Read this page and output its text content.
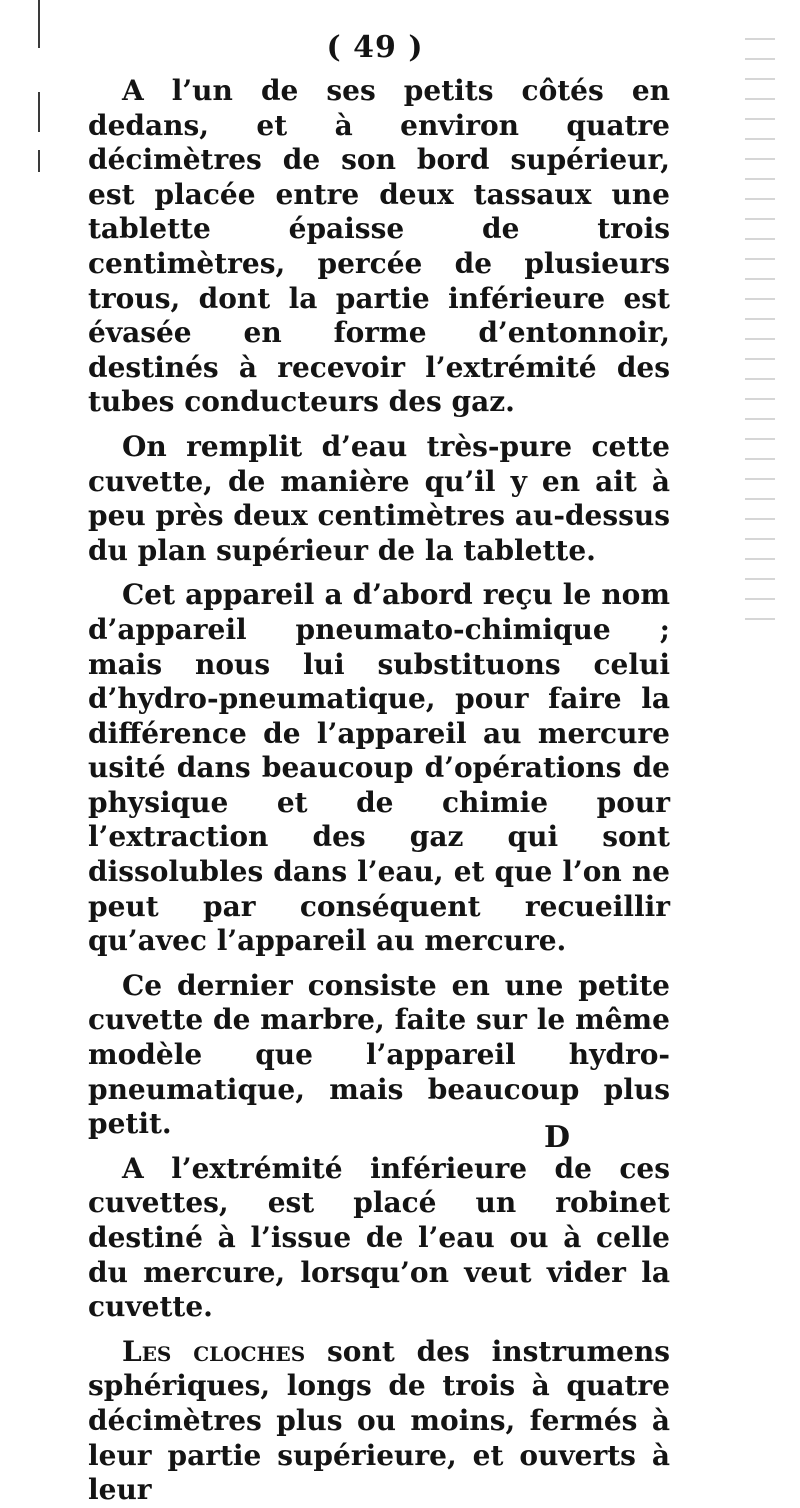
( 49 )

A l’un de ses petits côtés en dedans, et à environ quatre décimètres de son bord supérieur, est placée entre deux tassaux une tablette épaisse de trois centimètres, percée de plusieurs trous, dont la partie inférieure est évasée en forme d’entonnoir, destinés à recevoir l’extrémité des tubes conducteurs des gaz.

On remplit d’eau très-pure cette cuvette, de manière qu’il y en ait à peu près deux centimètres au-dessus du plan supérieur de la tablette.

Cet appareil a d’abord reçu le nom d’appareil pneumato-chimique ; mais nous lui substituons celui d’hydro-pneumatique, pour faire la différence de l’appareil au mercure usité dans beaucoup d’opérations de physique et de chimie pour l’extraction des gaz qui sont dissolubles dans l’eau, et que l’on ne peut par conséquent recueillir qu’avec l’appareil au mercure.

Ce dernier consiste en une petite cuvette de marbre, faite sur le même modèle que l’appareil hydro-pneumatique, mais beaucoup plus petit.

A l’extrémité inférieure de ces cuvettes, est placé un robinet destiné à l’issue de l’eau ou à celle du mercure, lorsqu’on veut vider la cuvette.

Les cloches sont des instrumens sphériques, longs de trois à quatre décimètres plus ou moins, fermés à leur partie supérieure, et ouverts à leur

D
